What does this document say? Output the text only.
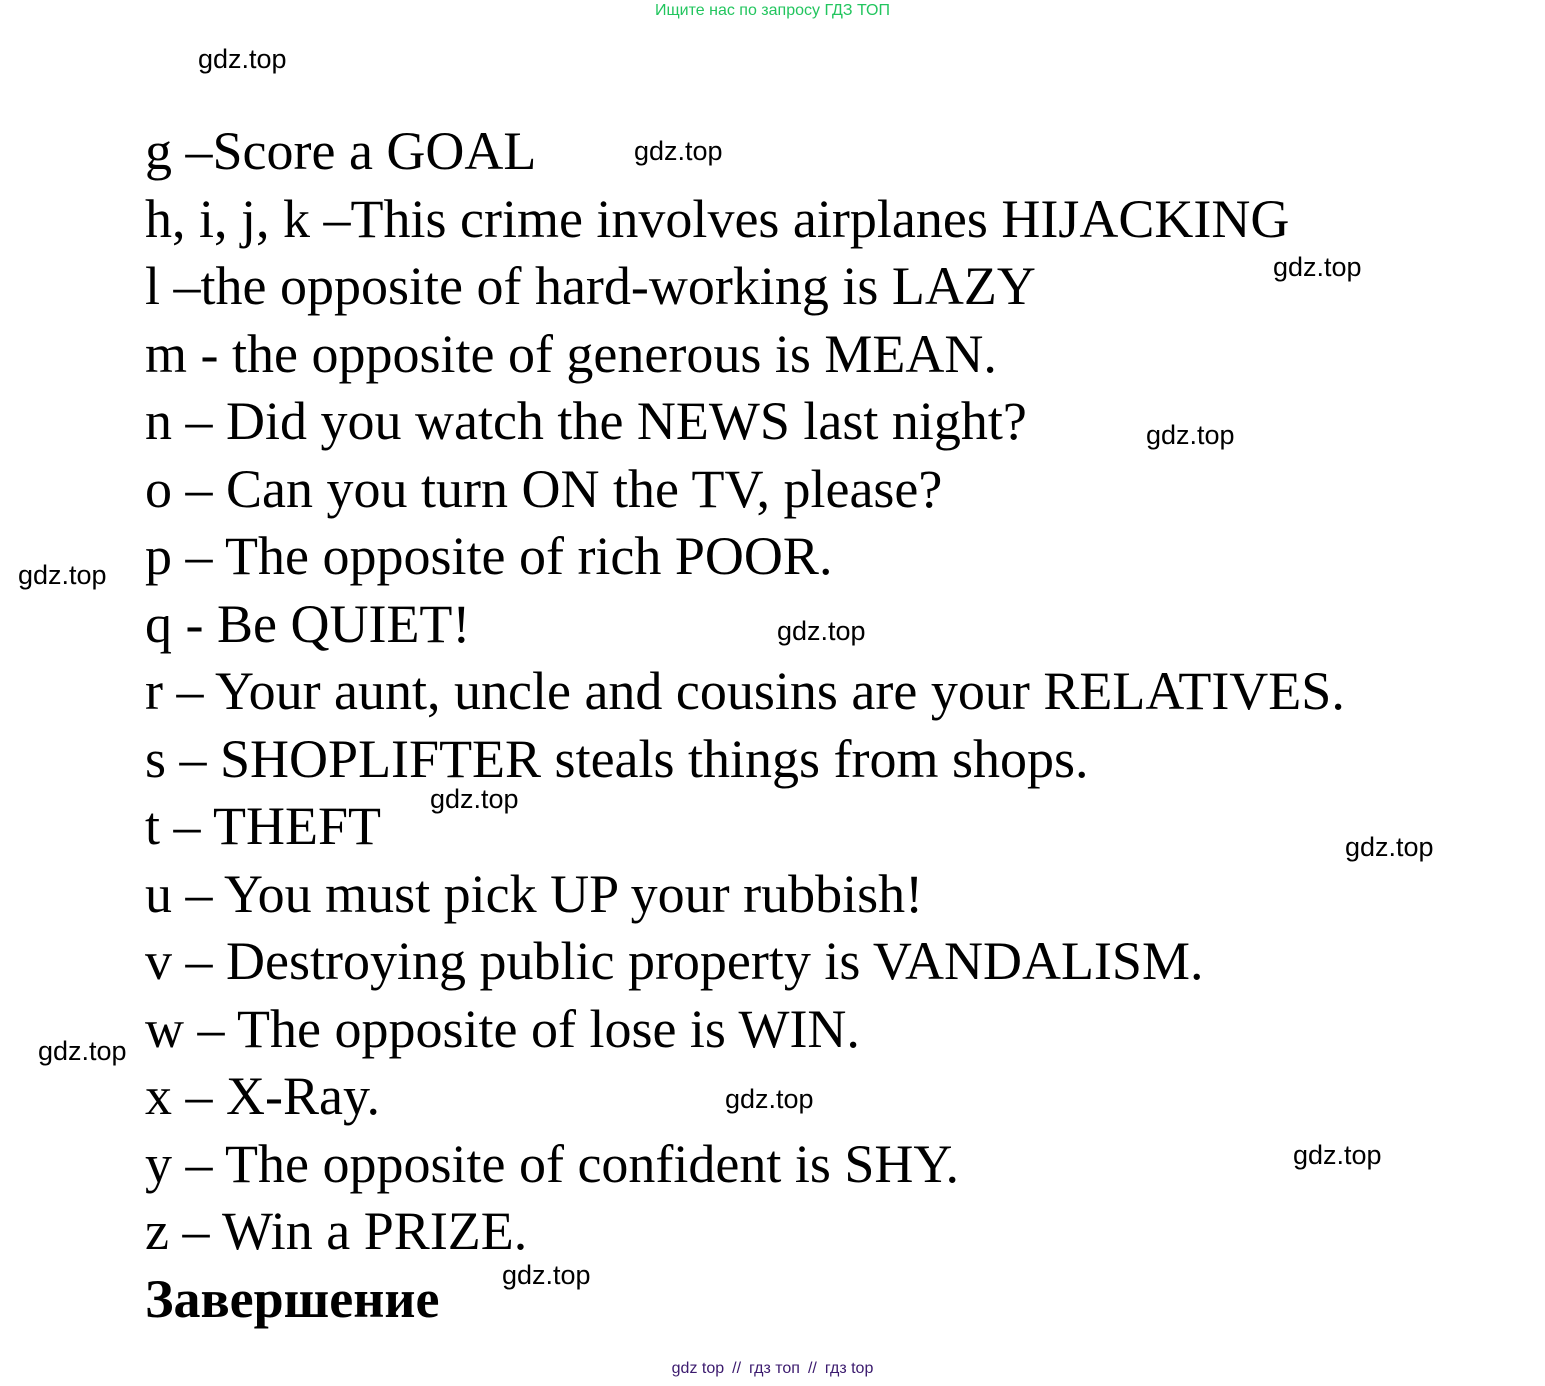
Ищите нас по запросу ГДЗ ТОП
g –Score a GOAL
h, i, j, k –This crime involves airplanes HIJACKING
l –the opposite of hard-working is LAZY
m - the opposite of generous is MEAN.
n – Did you watch the NEWS last night?
o – Can you turn ON the TV, please?
p – The opposite of rich POOR.
q - Be QUIET!
r – Your aunt, uncle and cousins are your RELATIVES.
s – SHOPLIFTER steals things from shops.
t – THEFT
u – You must pick UP your rubbish!
v – Destroying public property is VANDALISM.
w – The opposite of lose is WIN.
x – X-Ray.
y – The opposite of confident is SHY.
z – Win a PRIZE.
Завершение
gdz.top
gdz.top
gdz.top
gdz.top
gdz.top
gdz.top
gdz.top
gdz.top
gdz.top
gdz.top
gdz.top
gdz.top
gdz top // гдз топ // гдз top
